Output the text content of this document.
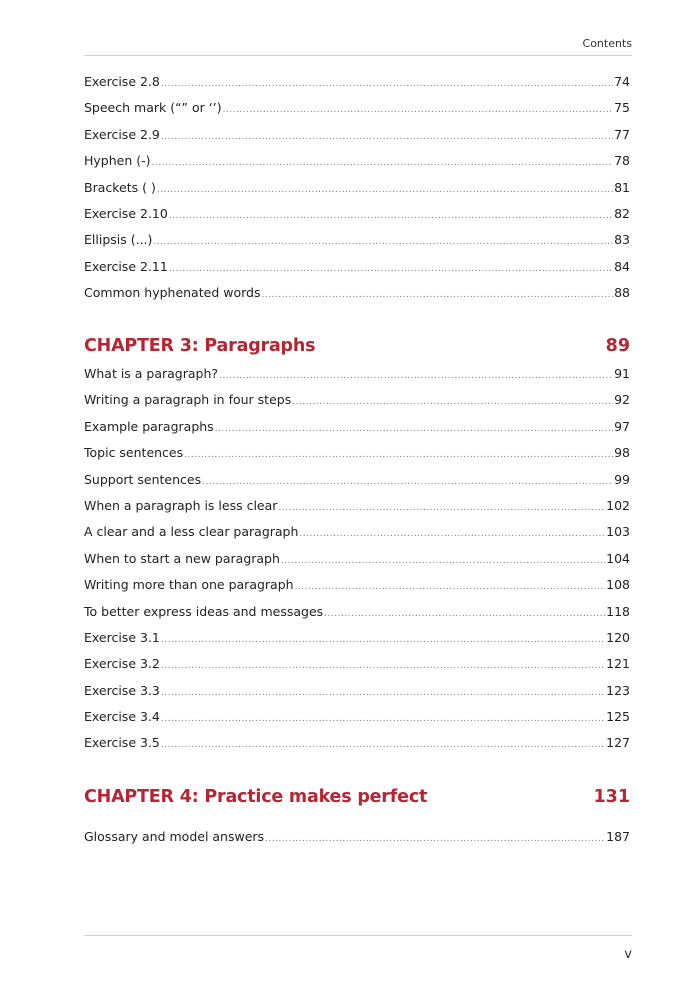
Contents
Exercise 2.8 .....	74
Speech mark (“” or ‘’) .....	75
Exercise 2.9 .....	77
Hyphen (-) .....	78
Brackets ( ) .....	81
Exercise 2.10 .....	82
Ellipsis (...) .....	83
Exercise 2.11 .....	84
Common hyphenated words .....	88
CHAPTER 3: Paragraphs	89
What is a paragraph? .....	91
Writing a paragraph in four steps .....	92
Example paragraphs .....	97
Topic sentences .....	98
Support sentences .....	99
When a paragraph is less clear .....	102
A clear and a less clear paragraph .....	103
When to start a new paragraph .....	104
Writing more than one paragraph .....	108
To better express ideas and messages .....	118
Exercise 3.1 .....	120
Exercise 3.2 .....	121
Exercise 3.3 .....	123
Exercise 3.4 .....	125
Exercise 3.5 .....	127
CHAPTER 4: Practice makes perfect	131
Glossary and model answers .....	187
v
